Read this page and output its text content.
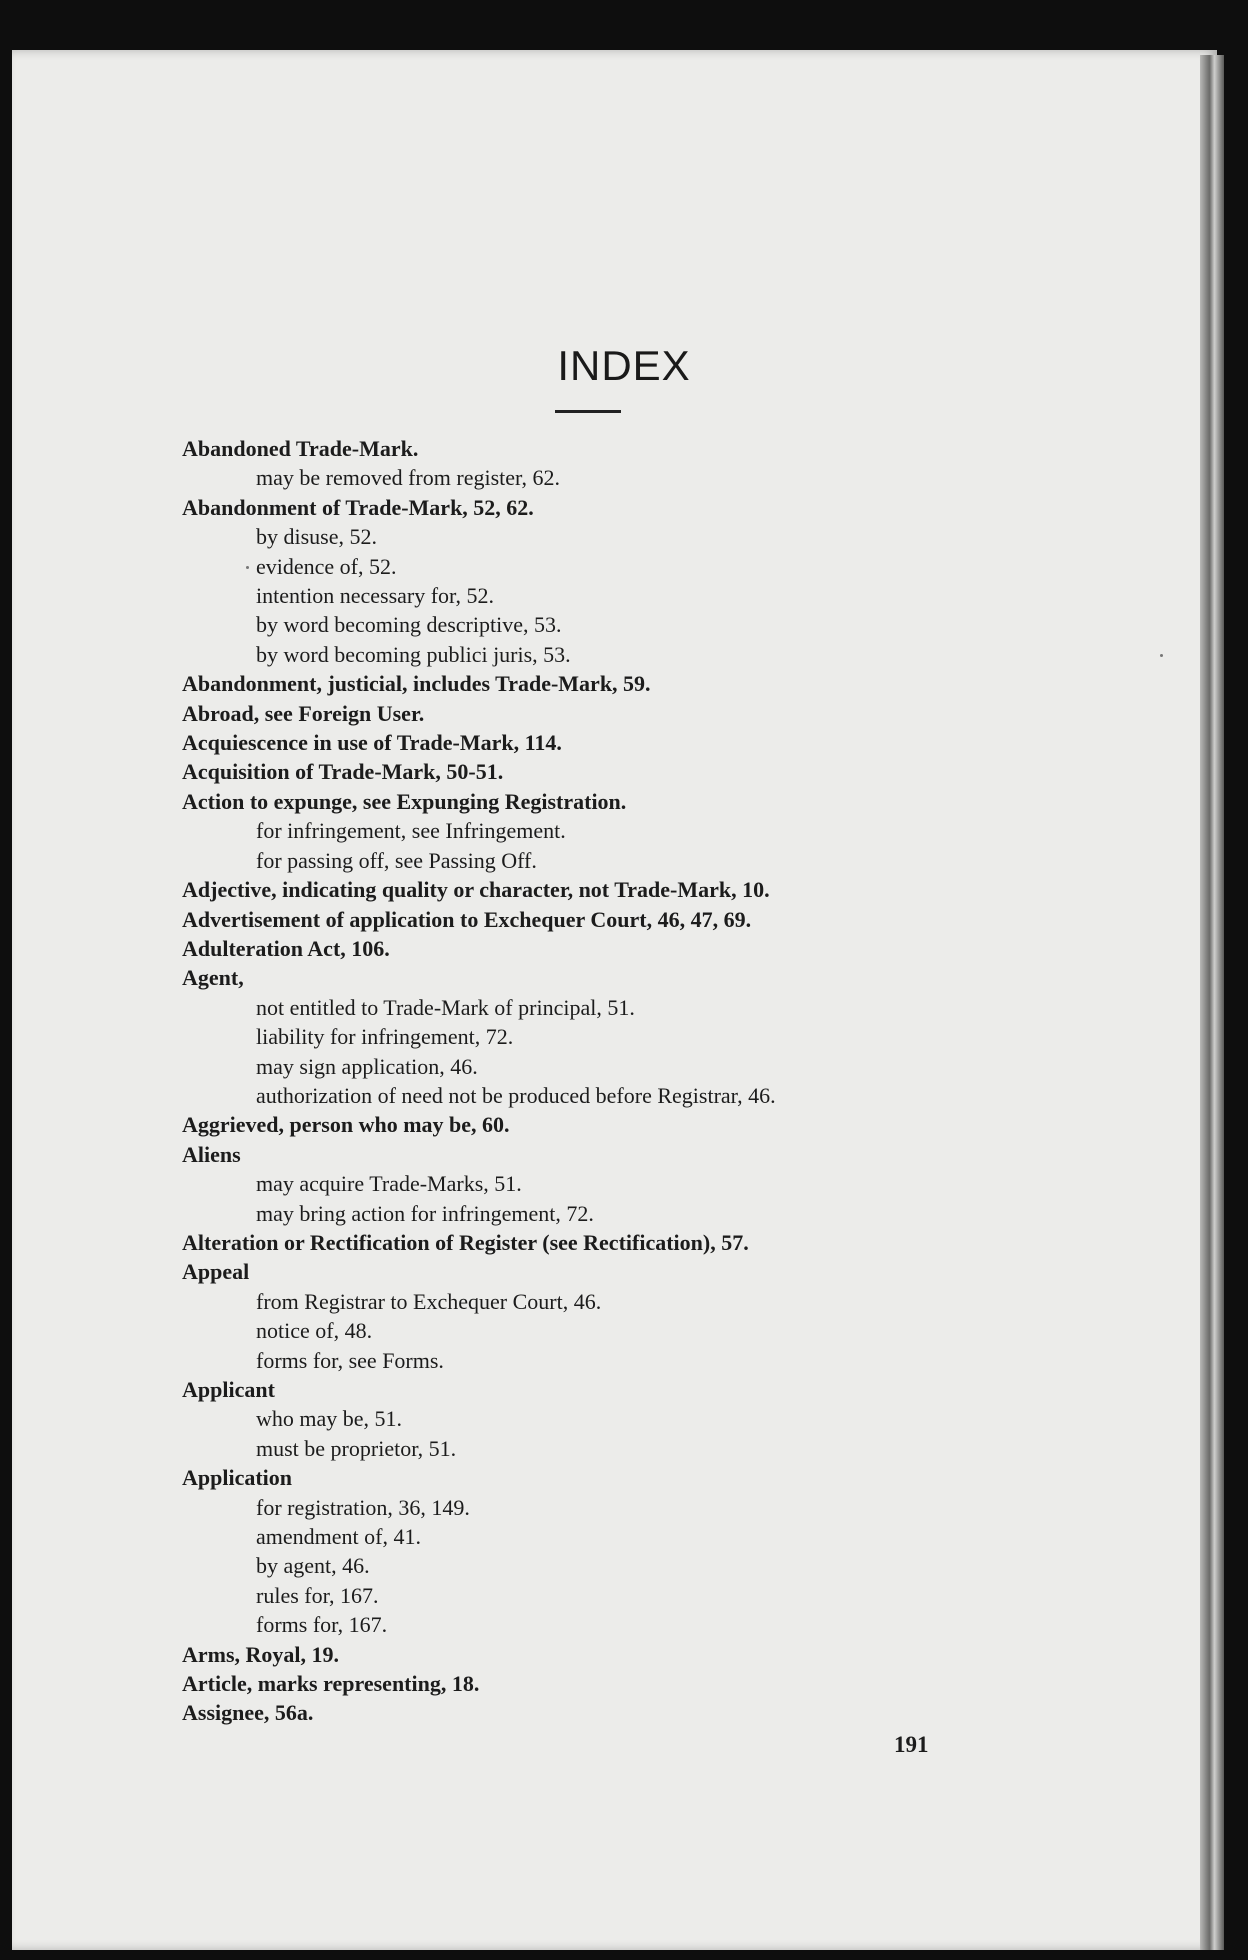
INDEX
Abandoned Trade-Mark.
may be removed from register, 62.
Abandonment of Trade-Mark, 52, 62.
by disuse, 52.
evidence of, 52.
intention necessary for, 52.
by word becoming descriptive, 53.
by word becoming publici juris, 53.
Abandonment, justicial, includes Trade-Mark, 59.
Abroad, see Foreign User.
Acquiescence in use of Trade-Mark, 114.
Acquisition of Trade-Mark, 50-51.
Action to expunge, see Expunging Registration.
for infringement, see Infringement.
for passing off, see Passing Off.
Adjective, indicating quality or character, not Trade-Mark, 10.
Advertisement of application to Exchequer Court, 46, 47, 69.
Adulteration Act, 106.
Agent,
not entitled to Trade-Mark of principal, 51.
liability for infringement, 72.
may sign application, 46.
authorization of need not be produced before Registrar, 46.
Aggrieved, person who may be, 60.
Aliens
may acquire Trade-Marks, 51.
may bring action for infringement, 72.
Alteration or Rectification of Register (see Rectification), 57.
Appeal
from Registrar to Exchequer Court, 46.
notice of, 48.
forms for, see Forms.
Applicant
who may be, 51.
must be proprietor, 51.
Application
for registration, 36, 149.
amendment of, 41.
by agent, 46.
rules for, 167.
forms for, 167.
Arms, Royal, 19.
Article, marks representing, 18.
Assignee, 56a.
191
